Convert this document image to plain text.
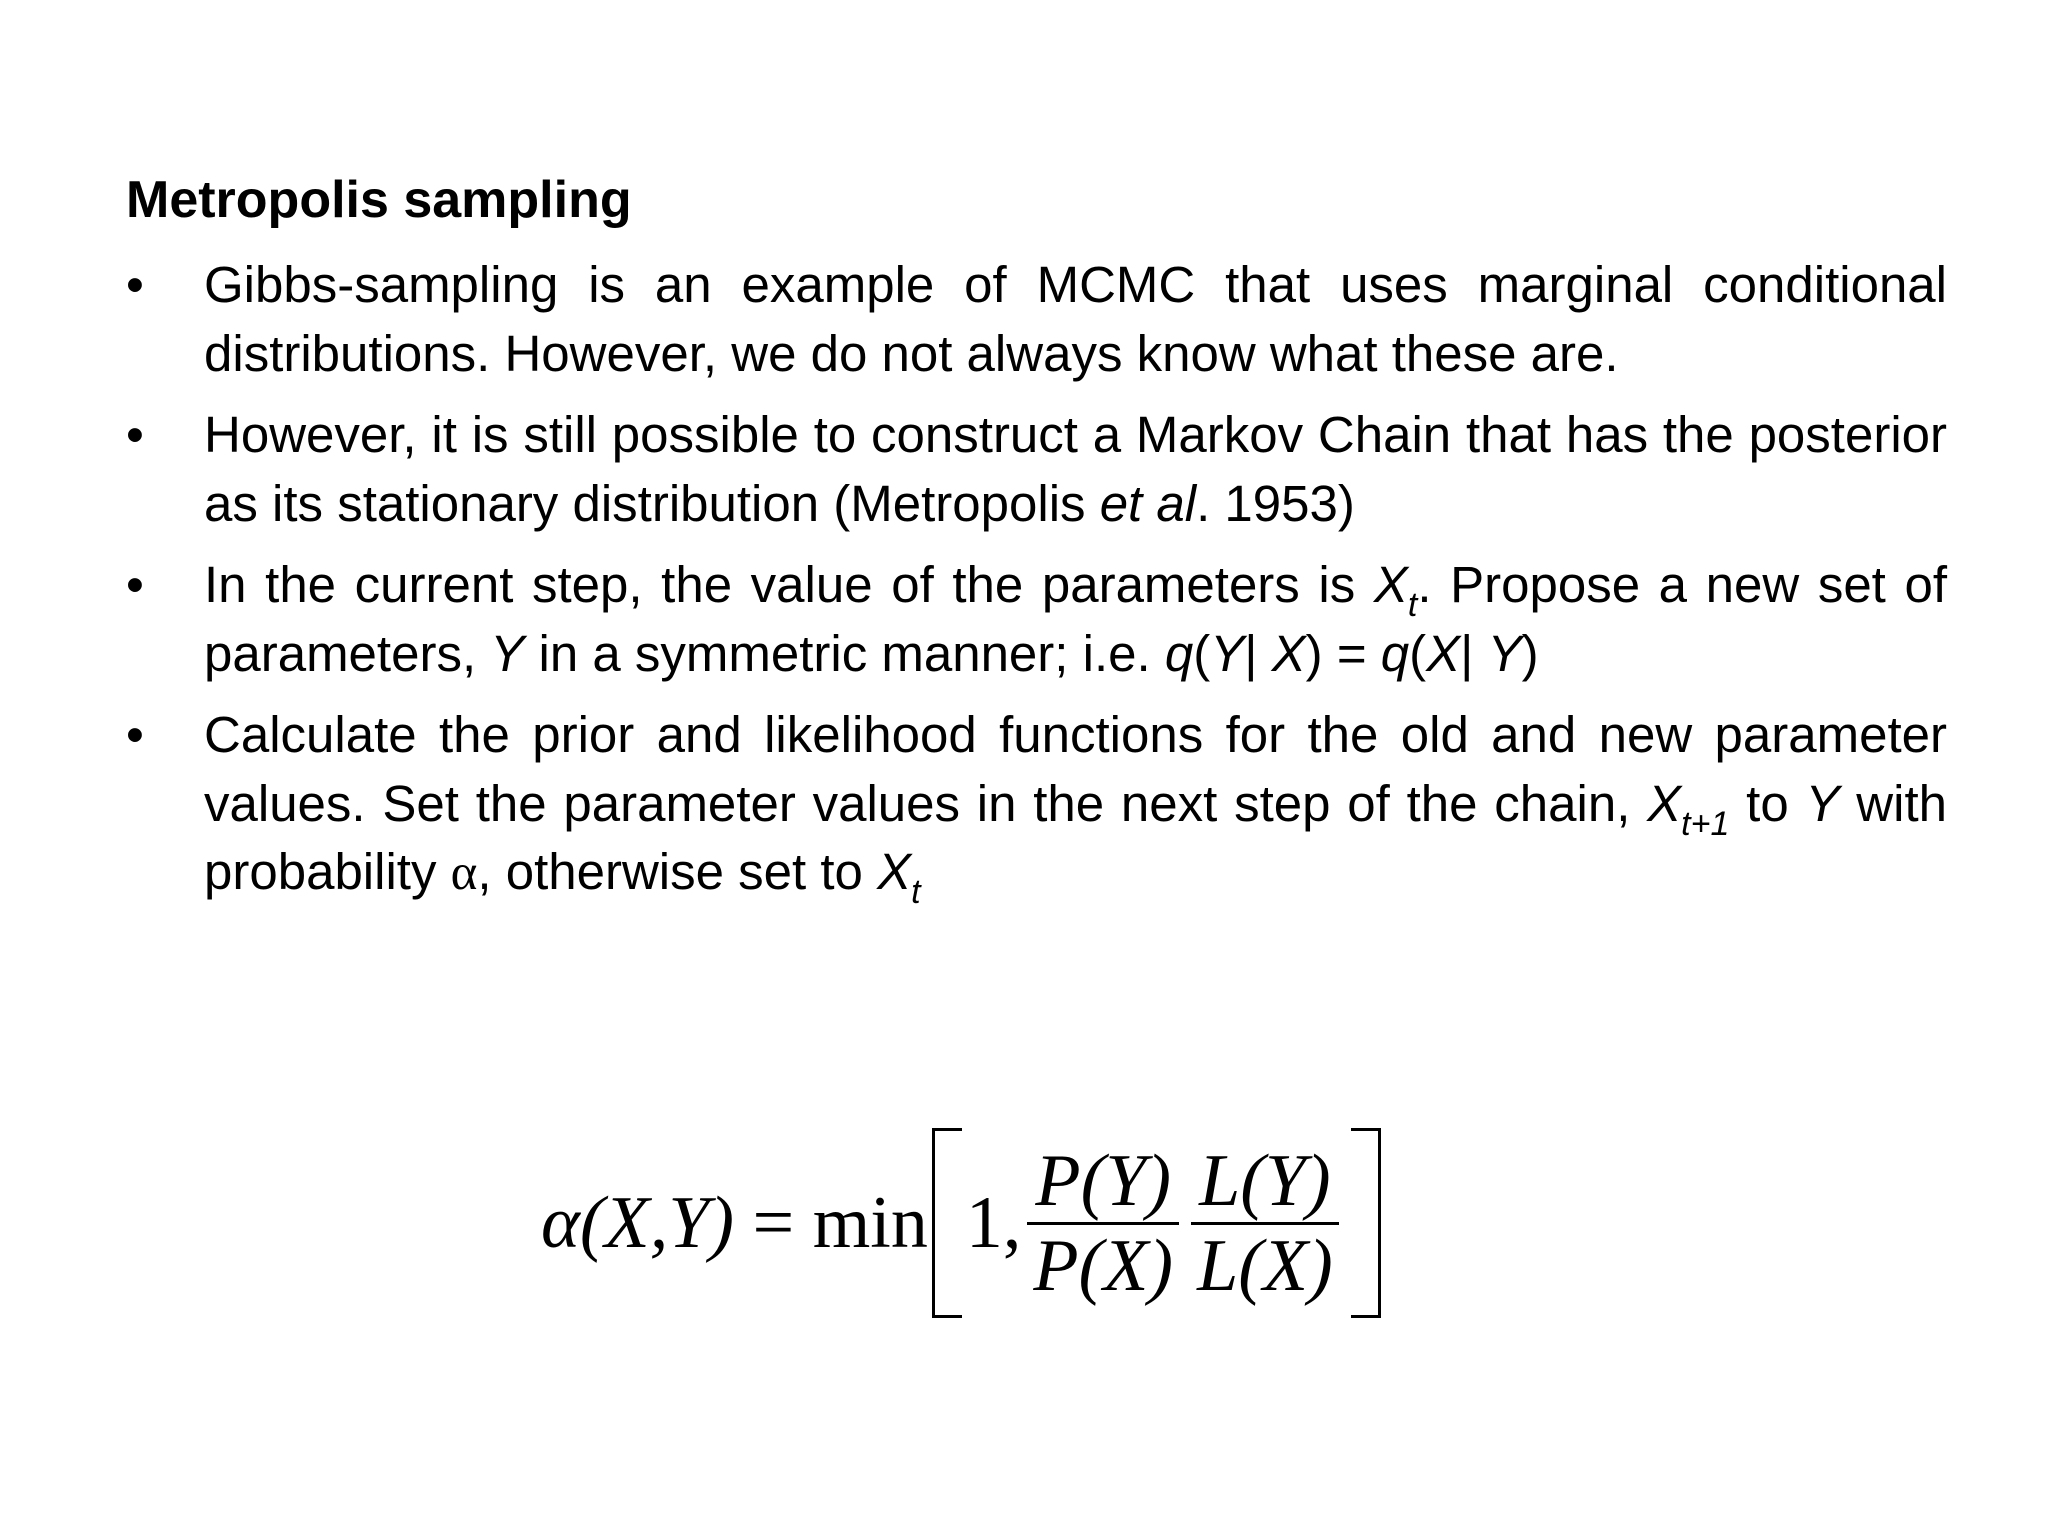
Metropolis sampling
•	Gibbs-sampling is an example of MCMC that uses marginal conditional distributions. However, we do not always know what these are.
•	However, it is still possible to construct a Markov Chain that has the posterior as its stationary distribution (Metropolis et al. 1953)
•	In the current step, the value of the parameters is $X_t$. Propose a new set of parameters, Y in a symmetric manner; i.e. q(Y| X) = q(X| Y)
•	Calculate the prior and likelihood functions for the old and new parameter values. Set the parameter values in the next step of the chain, $X_{t+1}$ to Y with probability α, otherwise set to $X_t$
α (X,Y) = min 1, $\frac{P(Y)}{P(X)} \frac{L(Y)}{L(X)}$
